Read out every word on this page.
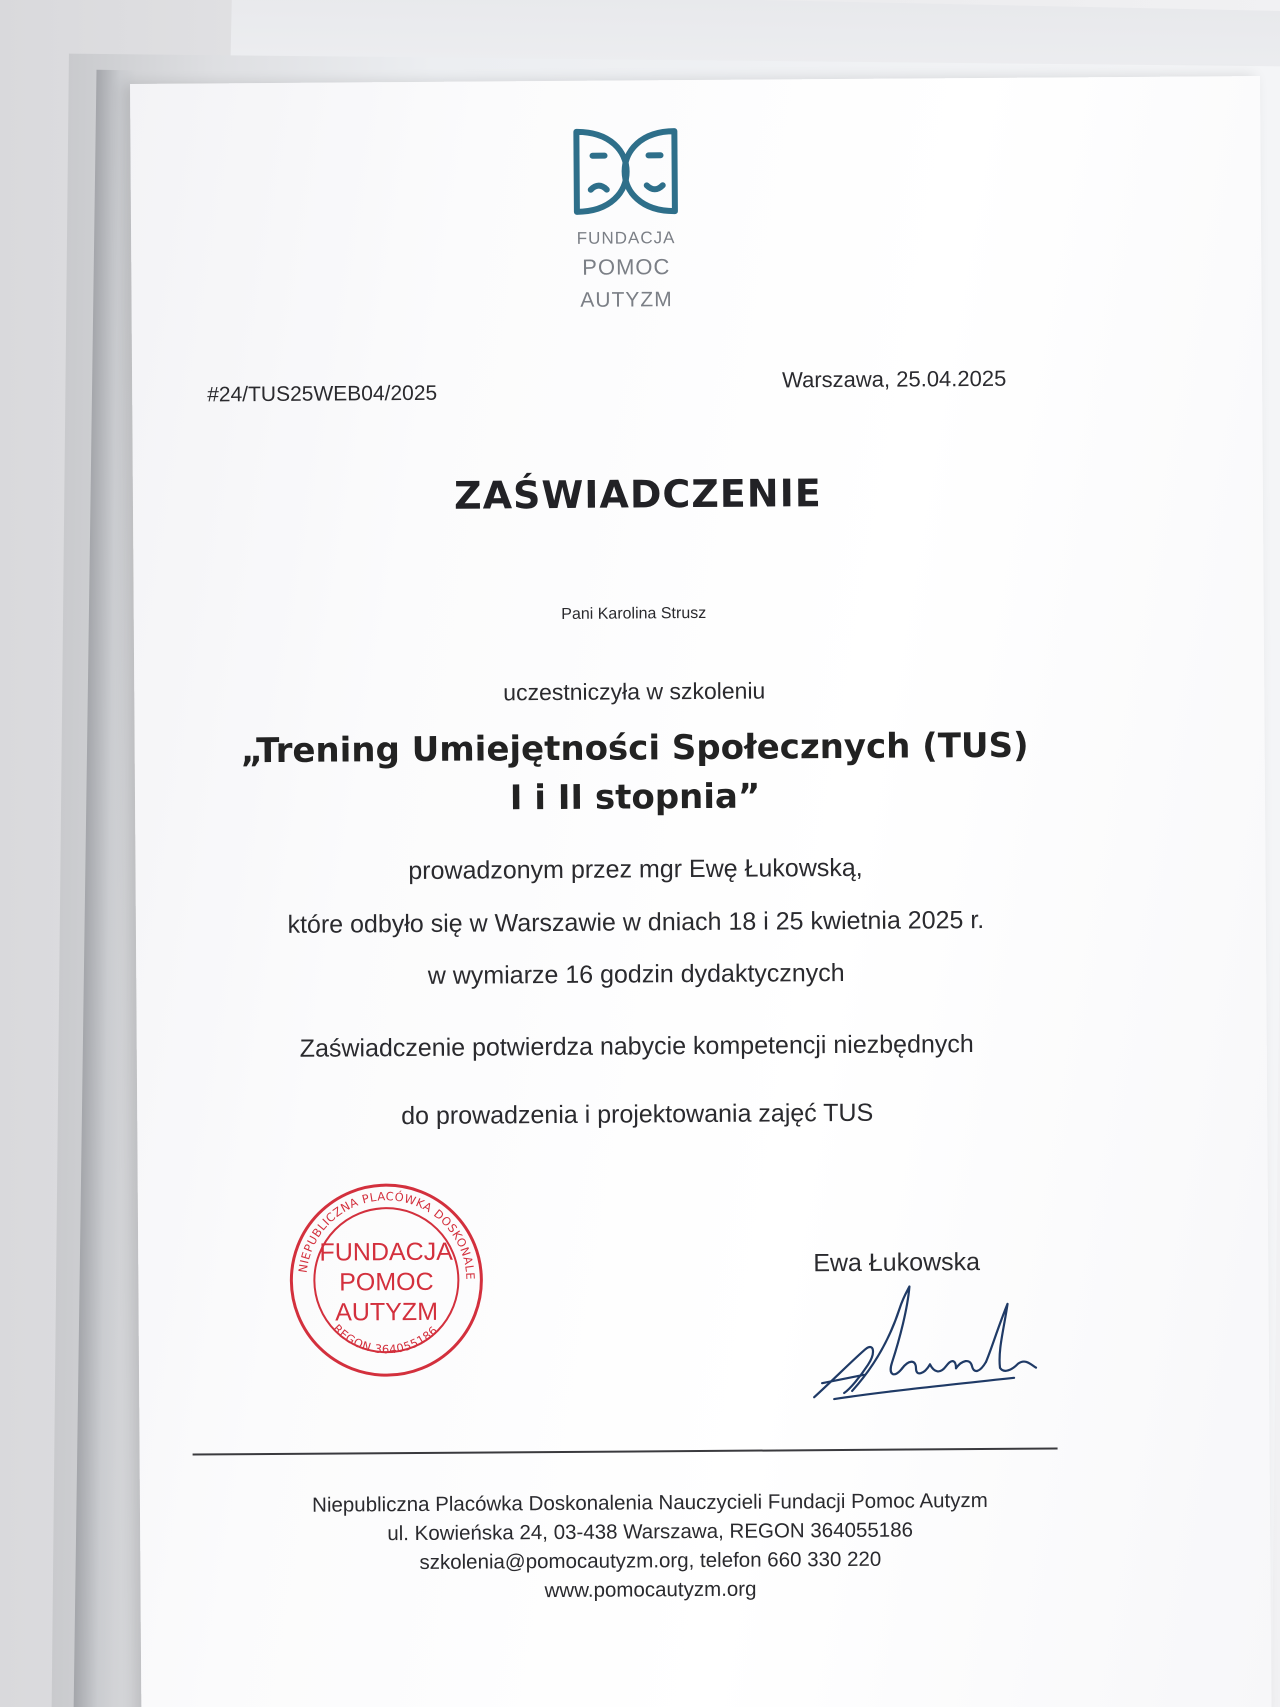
FUNDACJA
POMOC
AUTYZM
#24/TUS25WEB04/2025
Warszawa, 25.04.2025
ZAŚWIADCZENIE
Pani Karolina Strusz
uczestniczyła w szkoleniu
„Trening Umiejętności Społecznych (TUS)
I i II stopnia”
prowadzonym przez mgr Ewę Łukowską,
które odbyło się w Warszawie w dniach 18 i 25 kwietnia 2025 r.
w wymiarze 16 godzin dydaktycznych
Zaświadczenie potwierdza nabycie kompetencji niezbędnych
do prowadzenia i projektowania zajęć TUS
NIEPUBLICZNA PLACÓWKA DOSKONALENIA
REGON 364055186
FUNDACJA
POMOC
AUTYZM
Ewa Łukowska
Niepubliczna Placówka Doskonalenia Nauczycieli Fundacji Pomoc Autyzm
ul. Kowieńska 24, 03-438 Warszawa, REGON 364055186
szkolenia@pomocautyzm.org, telefon 660 330 220
www.pomocautyzm.org
